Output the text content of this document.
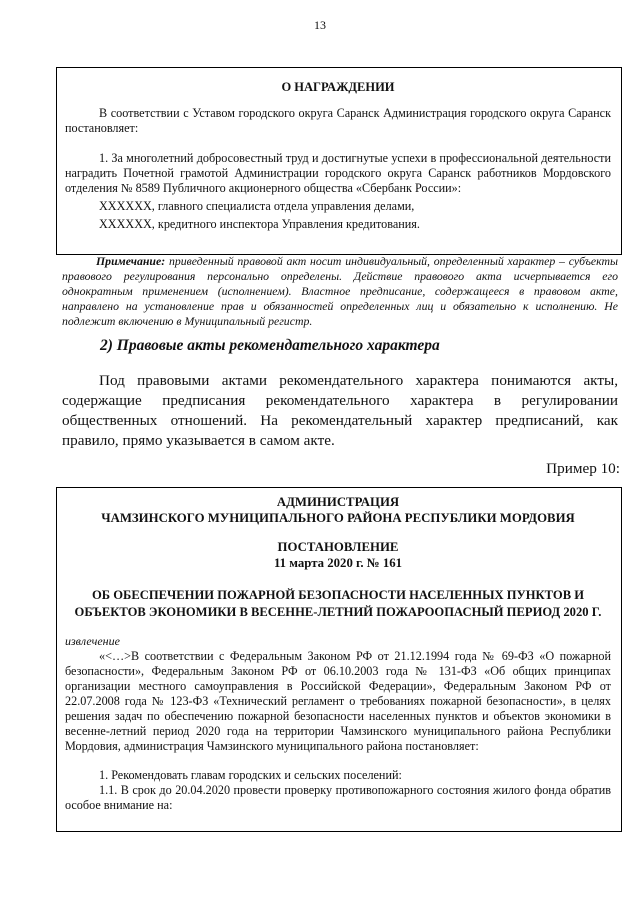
13

О НАГРАЖДЕНИИ

В соответствии с Уставом городского округа Саранск Администрация городского округа Саранск постановляет:

1. За многолетний добросовестный труд и достигнутые успехи в профессиональной деятельности наградить Почетной грамотой Администрации городского округа Саранск работников Мордовского отделения № 8589 Публичного акционерного общества «Сбербанк России»:

ХХХХХХ, главного специалиста отдела управления делами,

ХХХХХХ, кредитного инспектора Управления кредитования.

Примечание: приведенный правовой акт носит индивидуальный, определенный характер – субъекты правового регулирования персонально определены. Действие правового акта исчерпывается его однократным применением (исполнением). Властное предписание, содержащееся в правовом акте, направлено на установление прав и обязанностей определенных лиц и обязательно к исполнению. Не подлежит включению в Муниципальный регистр.

2) Правовые акты рекомендательного характера

Под правовыми актами рекомендательного характера понимаются акты, содержащие предписания рекомендательного характера в регулировании общественных отношений. На рекомендательный характер предписаний, как правило, прямо указывается в самом акте.

Пример 10:

АДМИНИСТРАЦИЯ

ЧАМЗИНСКОГО МУНИЦИПАЛЬНОГО РАЙОНА РЕСПУБЛИКИ МОРДОВИЯ

ПОСТАНОВЛЕНИЕ

11 марта 2020 г. № 161

ОБ ОБЕСПЕЧЕНИИ ПОЖАРНОЙ БЕЗОПАСНОСТИ НАСЕЛЕННЫХ ПУНКТОВ И

ОБЪЕКТОВ ЭКОНОМИКИ В ВЕСЕННЕ-ЛЕТНИЙ ПОЖАРООПАСНЫЙ ПЕРИОД 2020 Г.

извлечение

«<…>В соответствии с Федеральным Законом РФ от 21.12.1994 года № 69-ФЗ «О пожарной безопасности», Федеральным Законом РФ от 06.10.2003 года № 131-ФЗ «Об общих принципах организации местного самоуправления в Российской Федерации», Федеральным Законом РФ от 22.07.2008 года № 123-ФЗ «Технический регламент о требованиях пожарной безопасности», в целях решения задач по обеспечению пожарной безопасности населенных пунктов и объектов экономики в весенне-летний период 2020 года на территории Чамзинского муниципального района Республики Мордовия, администрация Чамзинского муниципального района постановляет:

1. Рекомендовать главам городских и сельских поселений:

1.1. В срок до 20.04.2020 провести проверку противопожарного состояния жилого фонда обратив особое внимание на:
